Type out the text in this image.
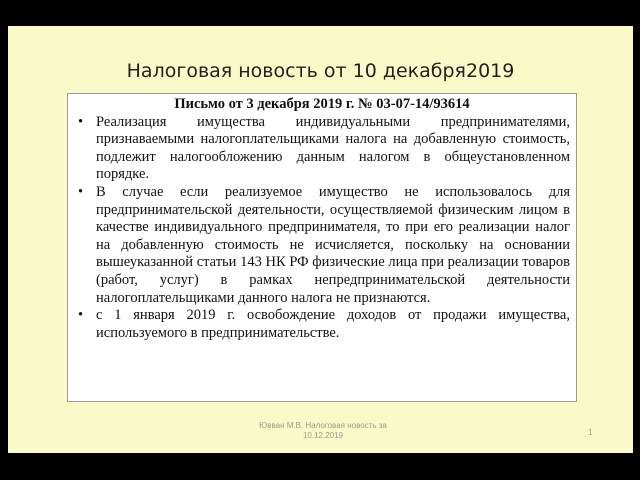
Налоговая новость от 10 декабря2019
Письмо от 3 декабря 2019 г. № 03-07-14/93614
• Реализация имущества индивидуальными предпринимателями, признаваемыми налогоплательщиками налога на добавленную стоимость, подлежит налогообложению данным налогом в общеустановленном порядке.
• В случае если реализуемое имущество не использовалось для предпринимательской деятельности, осуществляемой физическим лицом в качестве индивидуального предпринимателя, то при его реализации налог на добавленную стоимость не исчисляется, поскольку на основании вышеуказанной статьи 143 НК РФ физические лица при реализации товаров (работ, услуг) в рамках непредпринимательской деятельности налогоплательщиками данного налога не признаются.
• с 1 января 2019 г. освобождение доходов от продажи имущества, используемого в предпринимательстве.
Ювван М.В. Налоговая новость за
10.12.2019	1
